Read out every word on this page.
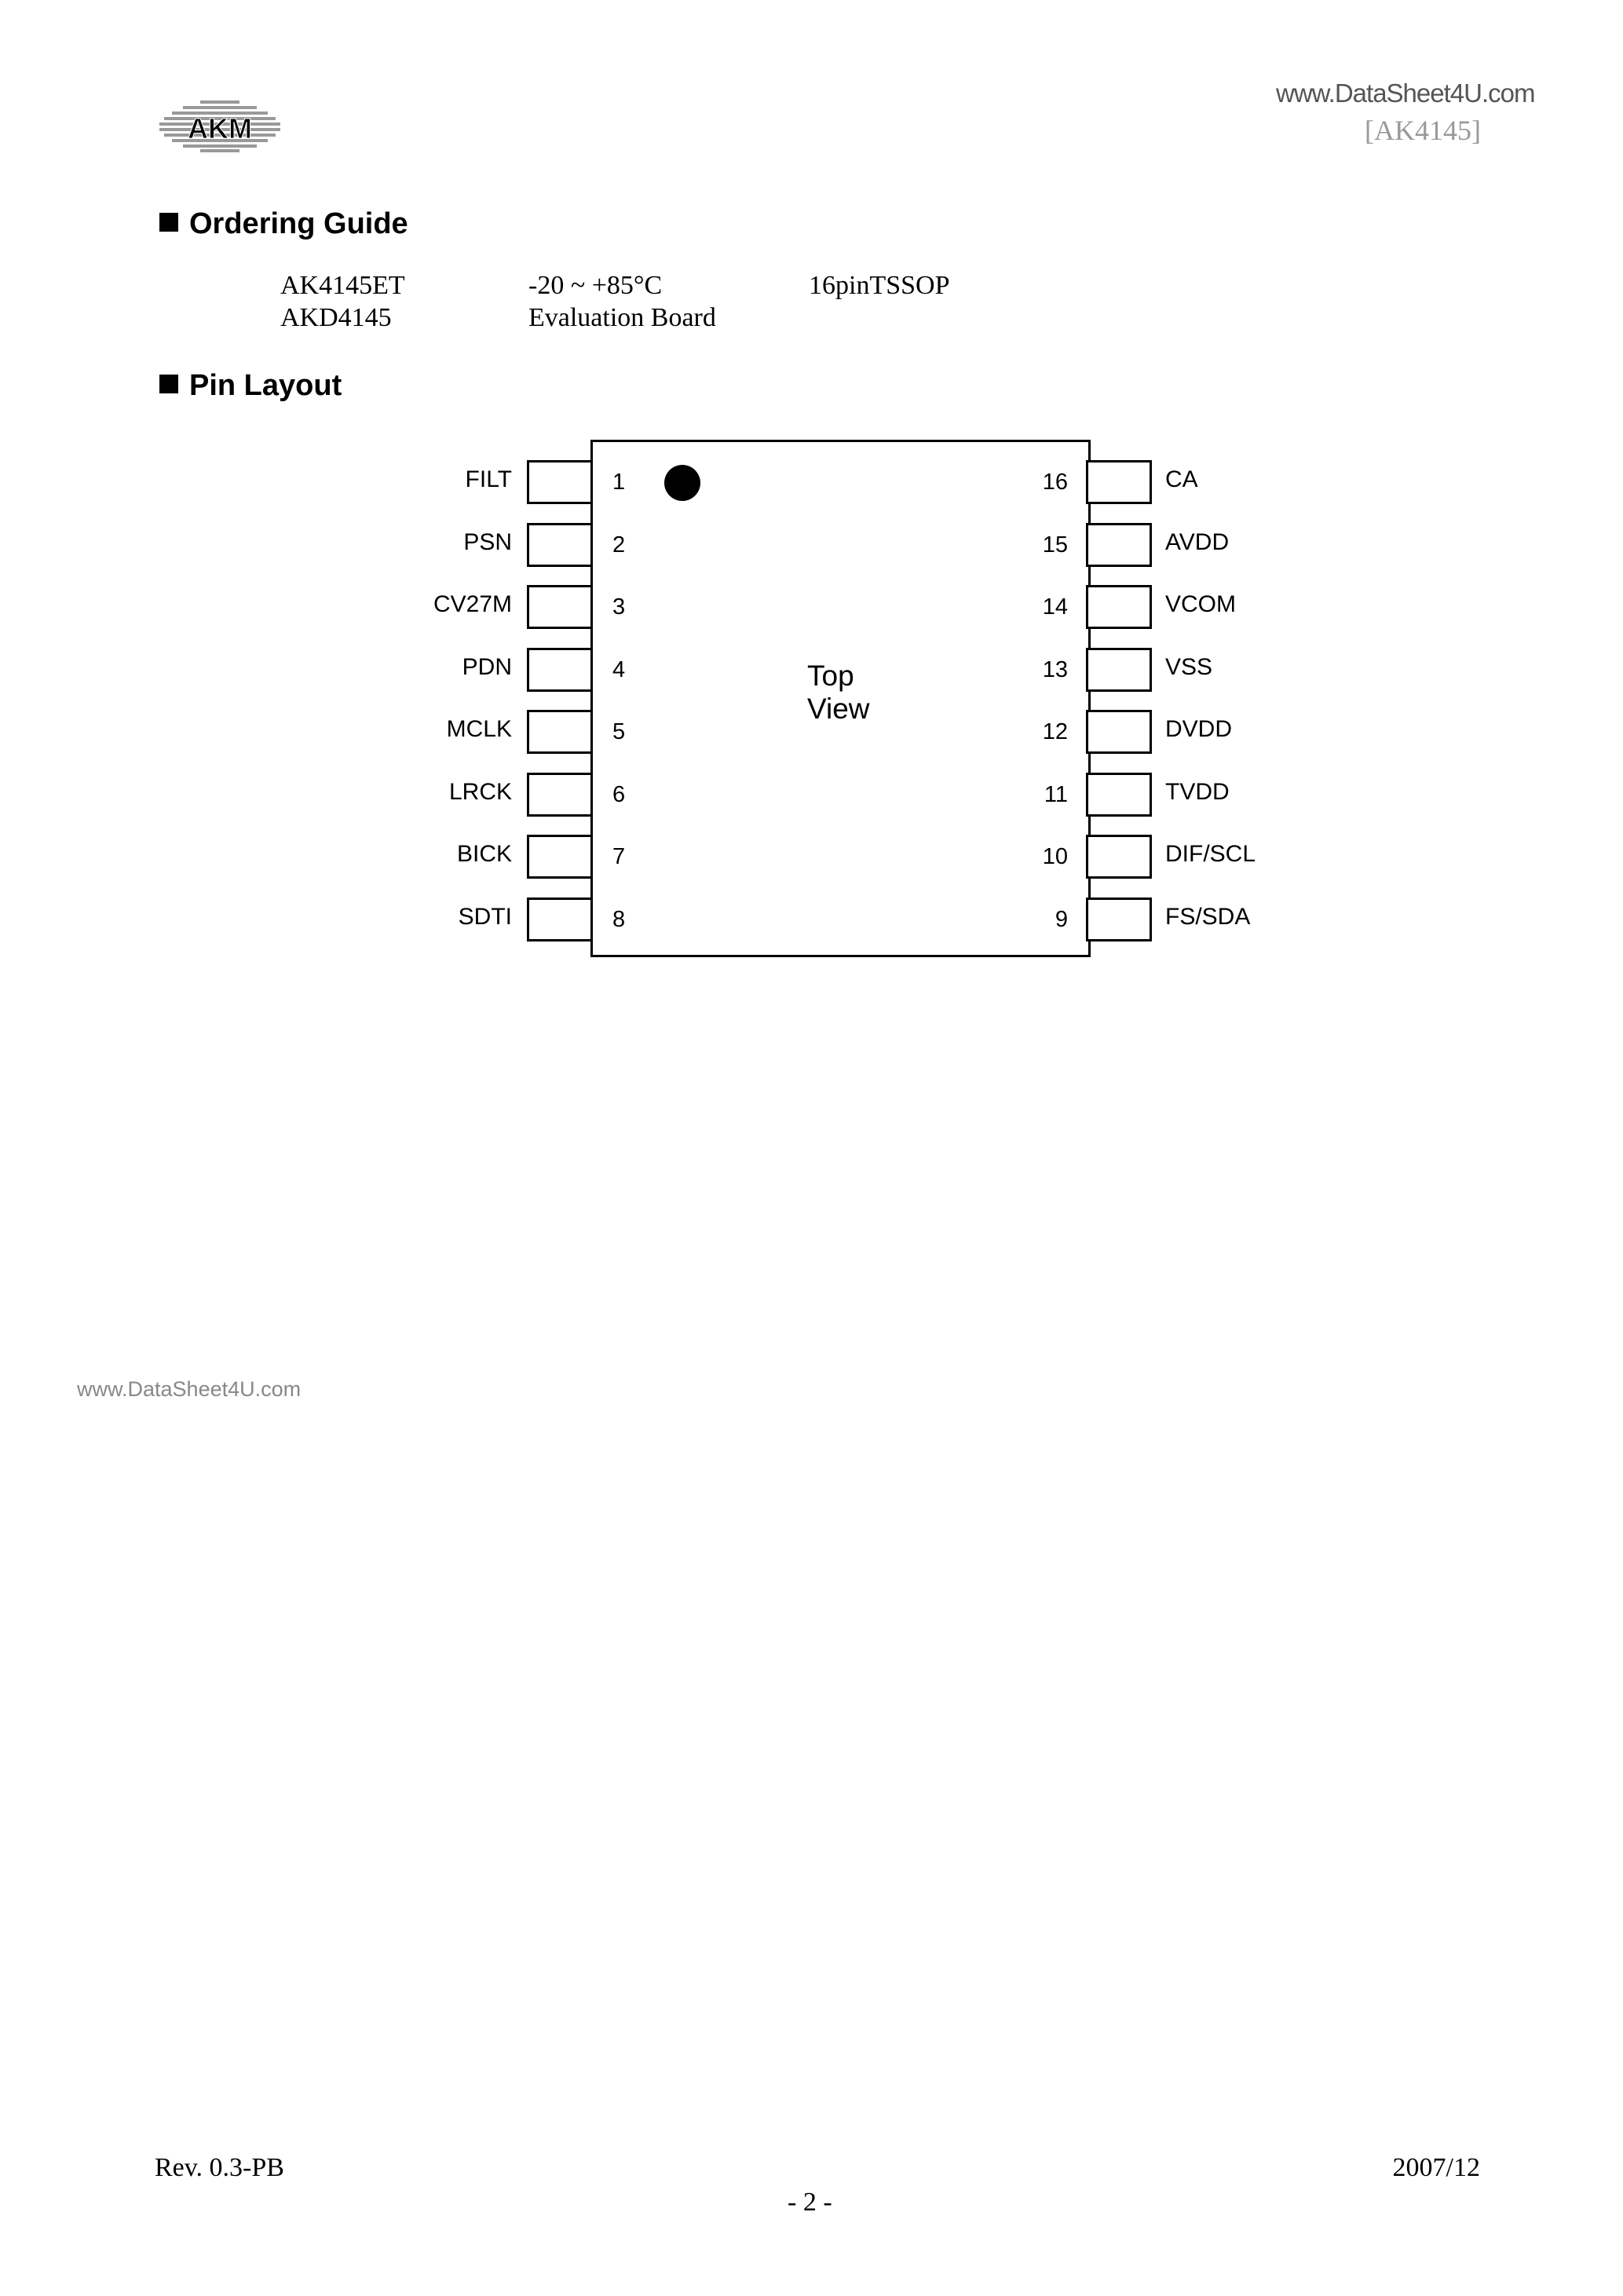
AKM
www.DataSheet4U.com
[AK4145]
Ordering Guide
AK4145ET	-20 ~ +85°C	16pinTSSOP
AKD4145	Evaluation Board
Pin Layout
Top
View
FILT	1
PSN	2
CV27M	3
PDN	4
MCLK	5
LRCK	6
BICK	7
SDTI	8
CA
16
AVDD
15
VCOM
14
VSS
13
DVDD
12
TVDD
11
DIF/SCL
10
FS/SDA
9
www.DataSheet4U.com
Rev. 0.3-PB	2007/12
- 2 -
